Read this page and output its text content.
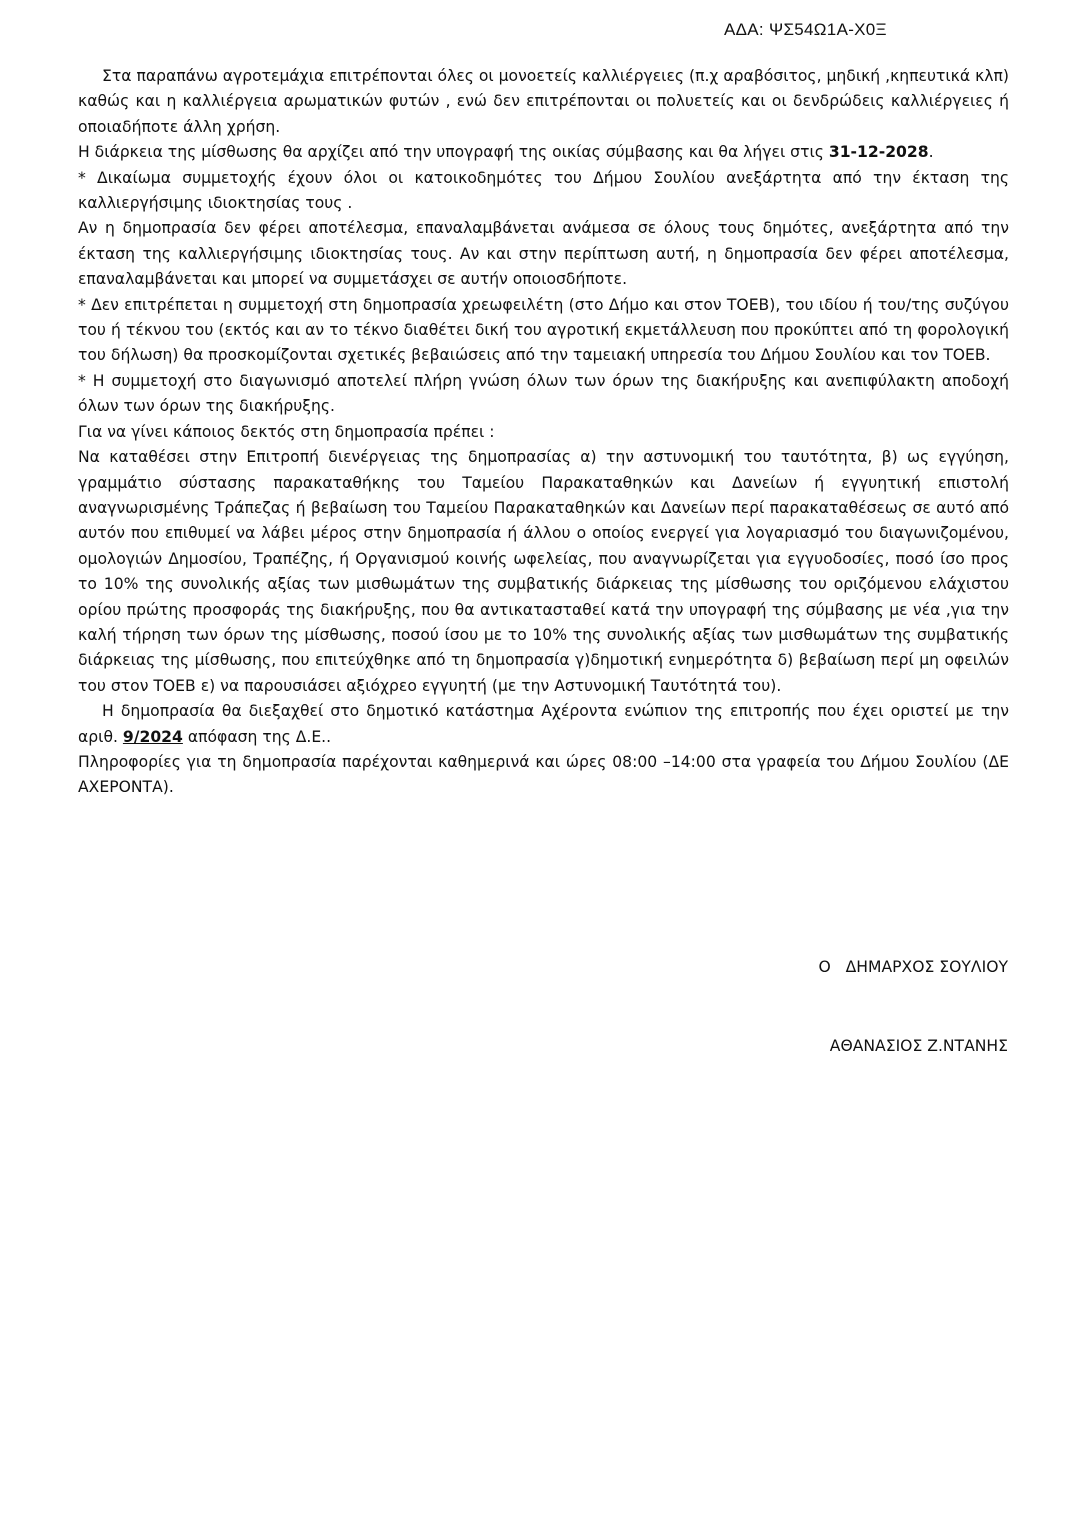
ΑΔΑ: ΨΣ54Ω1Α-Χ0Ξ

Στα παραπάνω αγροτεμάχια επιτρέπονται όλες οι μονοετείς καλλιέργειες (π.χ αραβόσιτος, μηδική ,κηπευτικά κλπ) καθώς και η καλλιέργεια αρωματικών φυτών , ενώ δεν επιτρέπονται οι πολυετείς και οι δενδρώδεις καλλιέργειες ή οποιαδήποτε άλλη χρήση.

Η διάρκεια της μίσθωσης θα αρχίζει από την υπογραφή της οικίας σύμβασης και θα λήγει στις 31-12-2028.

* Δικαίωμα συμμετοχής έχουν όλοι οι κατοικοδημότες του Δήμου Σουλίου ανεξάρτητα από την έκταση της καλλιεργήσιμης ιδιοκτησίας τους .

Αν η δημοπρασία δεν φέρει αποτέλεσμα, επαναλαμβάνεται ανάμεσα σε όλους τους δημότες, ανεξάρτητα από την έκταση της καλλιεργήσιμης ιδιοκτησίας τους. Αν και στην περίπτωση αυτή, η δημοπρασία δεν φέρει αποτέλεσμα, επαναλαμβάνεται και μπορεί να συμμετάσχει σε αυτήν οποιοσδήποτε.

* Δεν επιτρέπεται η συμμετοχή στη δημοπρασία χρεωφειλέτη (στο Δήμο και στον ΤΟΕΒ), του ιδίου ή του/της συζύγου του ή τέκνου του (εκτός και αν το τέκνο διαθέτει δική του αγροτική εκμετάλλευση που προκύπτει από τη φορολογική του δήλωση) θα προσκομίζονται σχετικές βεβαιώσεις από την ταμειακή υπηρεσία του Δήμου Σουλίου και τον ΤΟΕΒ.

* Η συμμετοχή στο διαγωνισμό αποτελεί πλήρη γνώση όλων των όρων της διακήρυξης και ανεπιφύλακτη αποδοχή όλων των όρων της διακήρυξης.

Για να γίνει κάποιος δεκτός στη δημοπρασία πρέπει :

Να καταθέσει στην Επιτροπή διενέργειας της δημοπρασίας α) την αστυνομική του ταυτότητα, β) ως εγγύηση, γραμμάτιο σύστασης παρακαταθήκης του Ταμείου Παρακαταθηκών και Δανείων ή εγγυητική επιστολή αναγνωρισμένης Τράπεζας ή βεβαίωση του Ταμείου Παρακαταθηκών και Δανείων περί παρακαταθέσεως σε αυτό από αυτόν που επιθυμεί να λάβει μέρος στην δημοπρασία ή άλλου ο οποίος ενεργεί για λογαριασμό του διαγωνιζομένου, ομολογιών Δημοσίου, Τραπέζης, ή Οργανισμού κοινής ωφελείας, που αναγνωρίζεται για εγγυοδοσίες, ποσό ίσο προς το 10% της συνολικής αξίας των μισθωμάτων της συμβατικής διάρκειας της μίσθωσης του οριζόμενου ελάχιστου ορίου πρώτης προσφοράς της διακήρυξης, που θα αντικατασταθεί κατά την υπογραφή της σύμβασης με νέα ,για την καλή τήρηση των όρων της μίσθωσης, ποσού ίσου με το 10% της συνολικής αξίας των μισθωμάτων της συμβατικής διάρκειας της μίσθωσης, που επιτεύχθηκε από τη δημοπρασία γ)δημοτική ενημερότητα δ) βεβαίωση περί μη οφειλών του στον ΤΟΕΒ ε) να παρουσιάσει αξιόχρεο εγγυητή (με την Αστυνομική Ταυτότητά του).

Η δημοπρασία θα διεξαχθεί στο δημοτικό κατάστημα Αχέροντα ενώπιον της επιτροπής που έχει οριστεί με την αριθ. 9/2024 απόφαση της Δ.Ε..

Πληροφορίες για τη δημοπρασία παρέχονται καθημερινά και ώρες 08:00 –14:00 στα γραφεία του Δήμου Σουλίου (ΔΕ ΑΧΕΡΟΝΤΑ).

Ο   ΔΗΜΑΡΧΟΣ ΣΟΥΛΙΟΥ
ΑΘΑΝΑΣΙΟΣ Ζ.ΝΤΑΝΗΣ
